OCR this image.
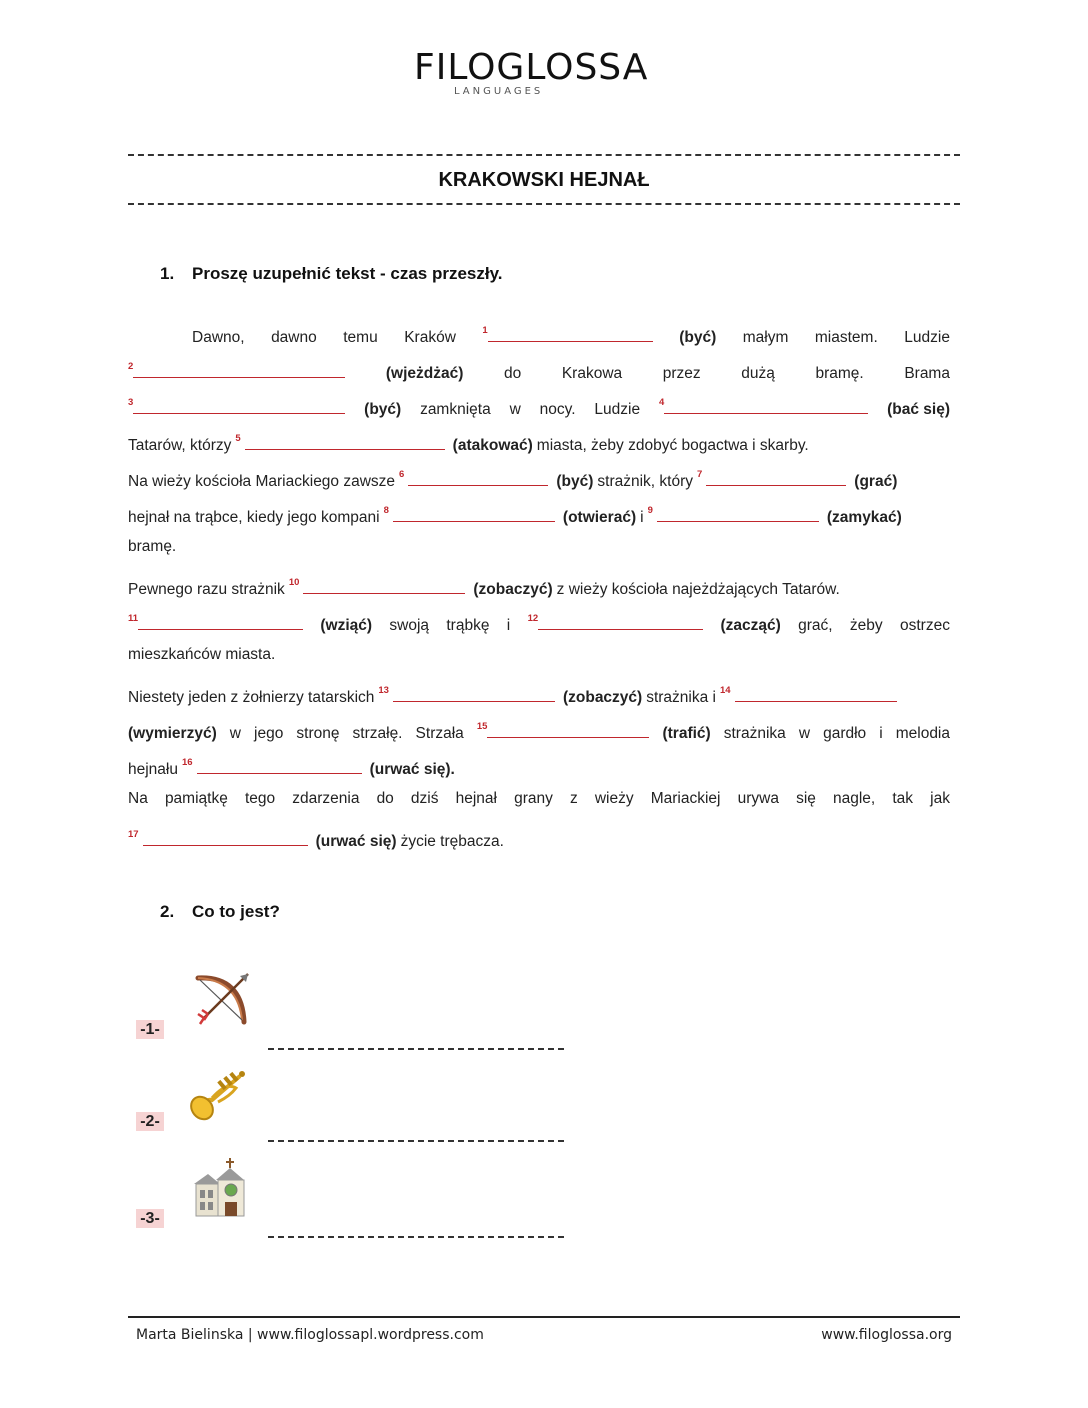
FILOGLOSSA
LANGUAGES
KRAKOWSKI HEJNAŁ
1. Proszę uzupełnić tekst - czas przeszły.
Dawno, dawno temu Kraków	$^1$	(być) małym miastem. Ludzie
$^2$	(wjeżdżać)	do	Krakowa	przez	dużą	bramę.	Brama
$^3$	(być) zamknięta w nocy. Ludzie $^4$	(bać się)
Tatarów, którzy $^5$	(atakować) miasta, żeby zdobyć bogactwa i skarby.
Na wieży kościoła Mariackiego zawsze $^6$	(być) strażnik, który $^7$	(grać)
hejnał na trąbce, kiedy jego kompani $^8$	(otwierać) i $^9$	(zamykać)
bramę.
Pewnego razu strażnik $^{10}$	(zobaczyć) z wieży kościoła najeżdżających Tatarów.
$^{11}$	(wziąć) swoją trąbkę i $^{12}$	(zacząć) grać, żeby ostrzec
mieszkańców miasta.
Niestety jeden z żołnierzy tatarskich $^{13}$	(zobaczyć) strażnika i $^{14}$
(wymierzyć) w jego stronę strzałę. Strzała $^{15}$	(trafić) strażnika w gardło i melodia
hejnału $^{16}$	(urwać się).
Na pamiątkę tego zdarzenia do dziś hejnał grany z wieży Mariackiej urywa się nagle, tak jak
$^{17}$	(urwać się) życie trębacza.
2. Co to jest?
-1-
-2-
-3-
Marta Bielinska | www.filoglossapl.wordpress.com	www.filoglossa.org
